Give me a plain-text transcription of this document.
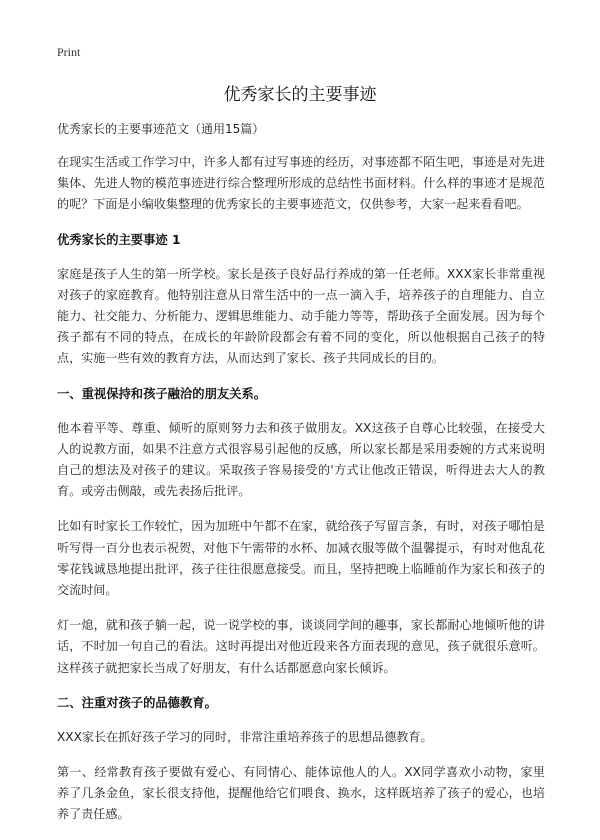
Print
优秀家长的主要事迹
优秀家长的主要事迹范文（通用15篇）

在现实生活或工作学习中，许多人都有过写事迹的经历，对事迹都不陌生吧，事迹是对先进集体、先进人物的模范事迹进行综合整理所形成的总结性书面材料。什么样的事迹才是规范的呢？下面是小编收集整理的优秀家长的主要事迹范文，仅供参考，大家一起来看看吧。

优秀家长的主要事迹 1

家庭是孩子人生的第一所学校。家长是孩子良好品行养成的第一任老师。XXX家长非常重视对孩子的家庭教育。他特别注意从日常生活中的一点一滴入手，培养孩子的自理能力、自立能力、社交能力、分析能力、逻辑思维能力、动手能力等等，帮助孩子全面发展。因为每个孩子都有不同的特点，在成长的年龄阶段都会有着不同的变化，所以他根据自己孩子的特点，实施一些有效的教育方法，从而达到了家长、孩子共同成长的目的。

一、重视保持和孩子融洽的朋友关系。

他本着平等、尊重、倾听的原则努力去和孩子做朋友。XX这孩子自尊心比较强，在接受大人的说教方面，如果不注意方式很容易引起他的反感，所以家长都是采用委婉的方式来说明自己的想法及对孩子的建议。采取孩子容易接受的'方式让他改正错误，听得进去大人的教育。或旁击侧敲，或先表扬后批评。

比如有时家长工作较忙，因为加班中午都不在家，就给孩子写留言条，有时，对孩子哪怕是听写得一百分也表示祝贺，对他下午需带的水杯、加减衣服等做个温馨提示，有时对他乱花零花钱诚恳地提出批评，孩子往往很愿意接受。而且，坚持把晚上临睡前作为家长和孩子的交流时间。

灯一熄，就和孩子躺一起，说一说学校的事，谈谈同学间的趣事，家长都耐心地倾听他的讲话，不时加一句自己的看法。这时再提出对他近段来各方面表现的意见，孩子就很乐意听。这样孩子就把家长当成了好朋友，有什么话都愿意向家长倾诉。

二、注重对孩子的品德教育。

XXX家长在抓好孩子学习的同时，非常注重培养孩子的思想品德教育。

第一、经常教育孩子要做有爱心、有同情心、能体谅他人的人。XX同学喜欢小动物，家里养了几条金鱼，家长很支持他，提醒他给它们喂食、换水，这样既培养了孩子的爱心，也培养了责任感。
